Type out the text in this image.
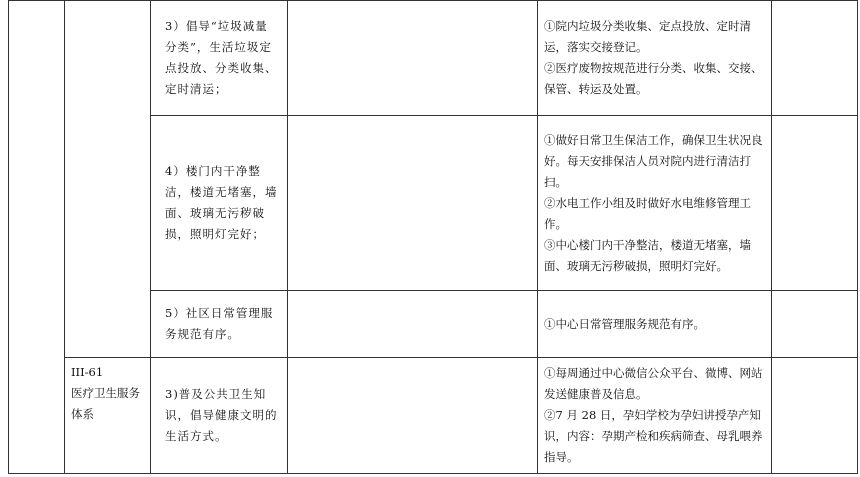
		3）倡导“垃圾减量分类”，生活垃圾定点投放、分类收集、定时清运；		①院内垃圾分类收集、定点投放、定时清运，落实交接登记。
②医疗废物按规范进行分类、收集、交接、保管、转运及处置。	

		4）楼门内干净整洁，楼道无堵塞，墙面、玻璃无污秽破损，照明灯完好；		①做好日常卫生保洁工作，确保卫生状况良好。每天安排保洁人员对院内进行清洁打扫。
②水电工作小组及时做好水电维修管理工作。
③中心楼门内干净整洁，楼道无堵塞，墙面、玻璃无污秽破损，照明灯完好。	

		5）社区日常管理服务规范有序。		①中心日常管理服务规范有序。	

	III-61
医疗卫生服务体系	3)普及公共卫生知识，倡导健康文明的生活方式。		①每周通过中心微信公众平台、微博、网站发送健康普及信息。
②7 月 28 日，孕妇学校为孕妇讲授孕产知识，内容：孕期产检和疾病筛查、母乳喂养指导。	
